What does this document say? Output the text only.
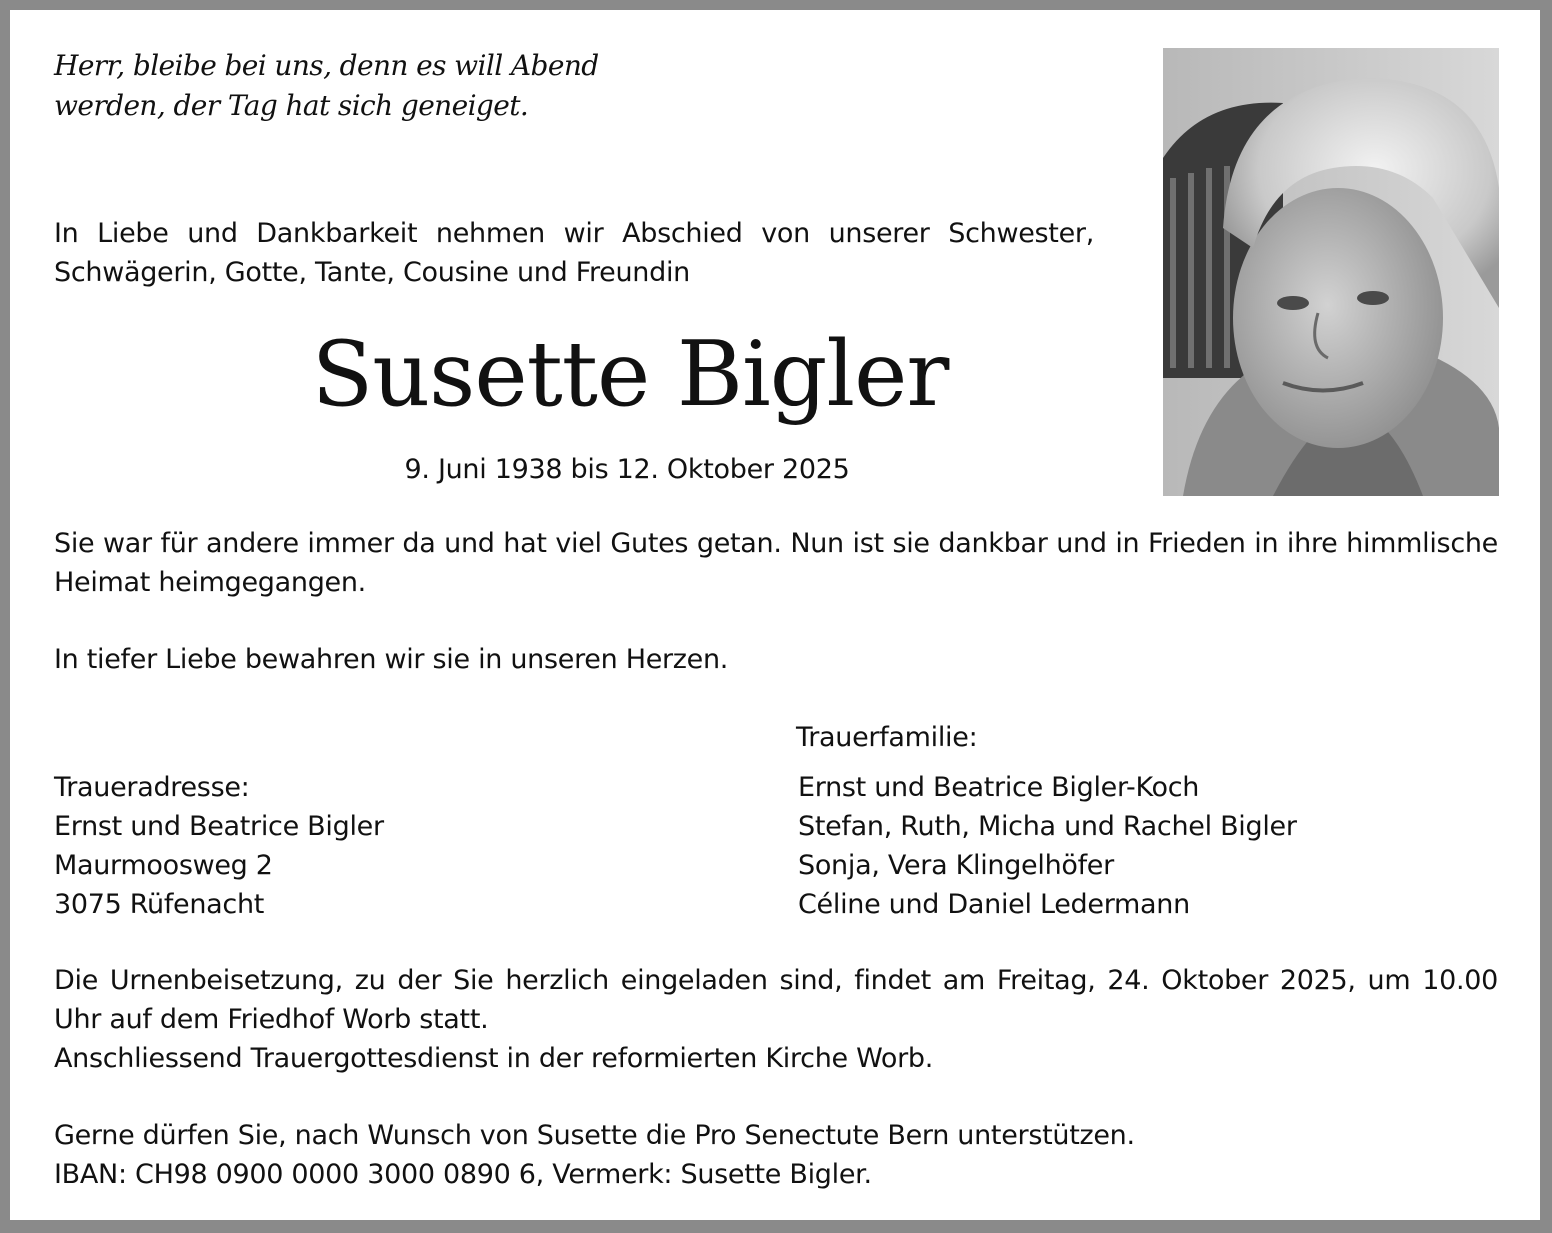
Herr, bleibe bei uns, denn es will Abend
werden, der Tag hat sich geneiget.
In Liebe und Dankbarkeit nehmen wir Abschied von unserer Schwester, Schwägerin, Gotte, Tante, Cousine und Freundin
Susette Bigler
9. Juni 1938 bis 12. Oktober 2025
Sie war für andere immer da und hat viel Gutes getan. Nun ist sie dankbar und in Frieden in ihre himmlische Heimat heimgegangen.
In tiefer Liebe bewahren wir sie in unseren Herzen.
Trauerfamilie:
Traueradresse:
Ernst und Beatrice Bigler
Maurmoosweg 2
3075 Rüfenacht
Ernst und Beatrice Bigler-Koch
Stefan, Ruth, Micha und Rachel Bigler
Sonja, Vera Klingelhöfer
Céline und Daniel Ledermann
Die Urnenbeisetzung, zu der Sie herzlich eingeladen sind, findet am Freitag, 24. Oktober 2025, um 10.00 Uhr auf dem Friedhof Worb statt.
Anschliessend Trauergottesdienst in der reformierten Kirche Worb.
Gerne dürfen Sie, nach Wunsch von Susette die Pro Senectute Bern unterstützen.
IBAN: CH98 0900 0000 3000 0890 6, Vermerk: Susette Bigler.
